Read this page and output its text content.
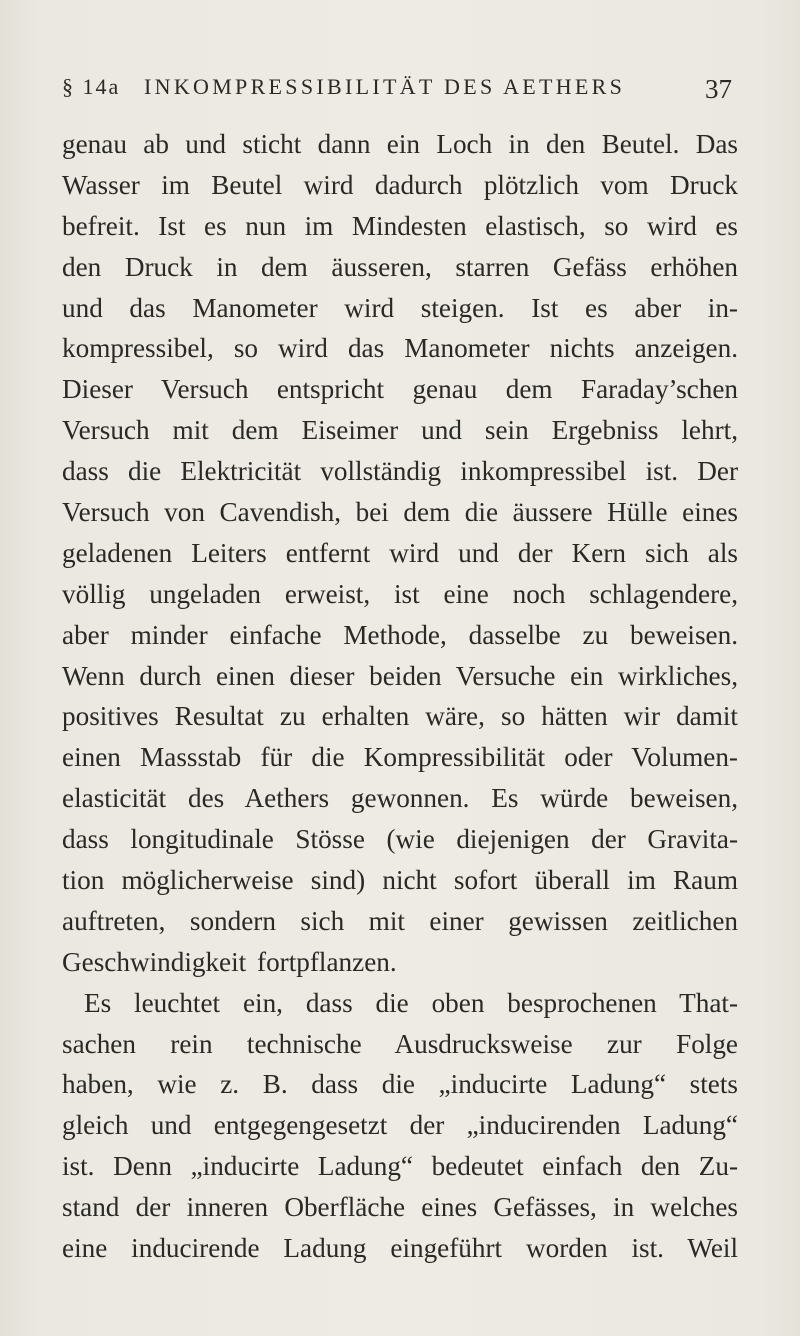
§ 14a INKOMPRESSIBILITÄT DES AETHERS	37
genau ab und sticht dann ein Loch in den Beutel. Das
Wasser im Beutel wird dadurch plötzlich vom Druck
befreit. Ist es nun im Mindesten elastisch, so wird es
den Druck in dem äusseren, starren Gefäss erhöhen
und das Manometer wird steigen. Ist es aber in-
kompressibel, so wird das Manometer nichts anzeigen.
Dieser Versuch entspricht genau dem Faraday’schen
Versuch mit dem Eiseimer und sein Ergebniss lehrt,
dass die Elektricität vollständig inkompressibel ist. Der
Versuch von Cavendish, bei dem die äussere Hülle eines
geladenen Leiters entfernt wird und der Kern sich als
völlig ungeladen erweist, ist eine noch schlagendere,
aber minder einfache Methode, dasselbe zu beweisen.
Wenn durch einen dieser beiden Versuche ein wirkliches,
positives Resultat zu erhalten wäre, so hätten wir damit
einen Massstab für die Kompressibilität oder Volumen-
elasticität des Aethers gewonnen. Es würde beweisen,
dass longitudinale Stösse (wie diejenigen der Gravita-
tion möglicherweise sind) nicht sofort überall im Raum
auftreten, sondern sich mit einer gewissen zeitlichen
Geschwindigkeit fortpflanzen.
Es leuchtet ein, dass die oben besprochenen That-
sachen rein technische Ausdrucksweise zur Folge
haben, wie z. B. dass die „inducirte Ladung“ stets
gleich und entgegengesetzt der „inducirenden Ladung“
ist. Denn „inducirte Ladung“ bedeutet einfach den Zu-
stand der inneren Oberfläche eines Gefässes, in welches
eine inducirende Ladung eingeführt worden ist. Weil
